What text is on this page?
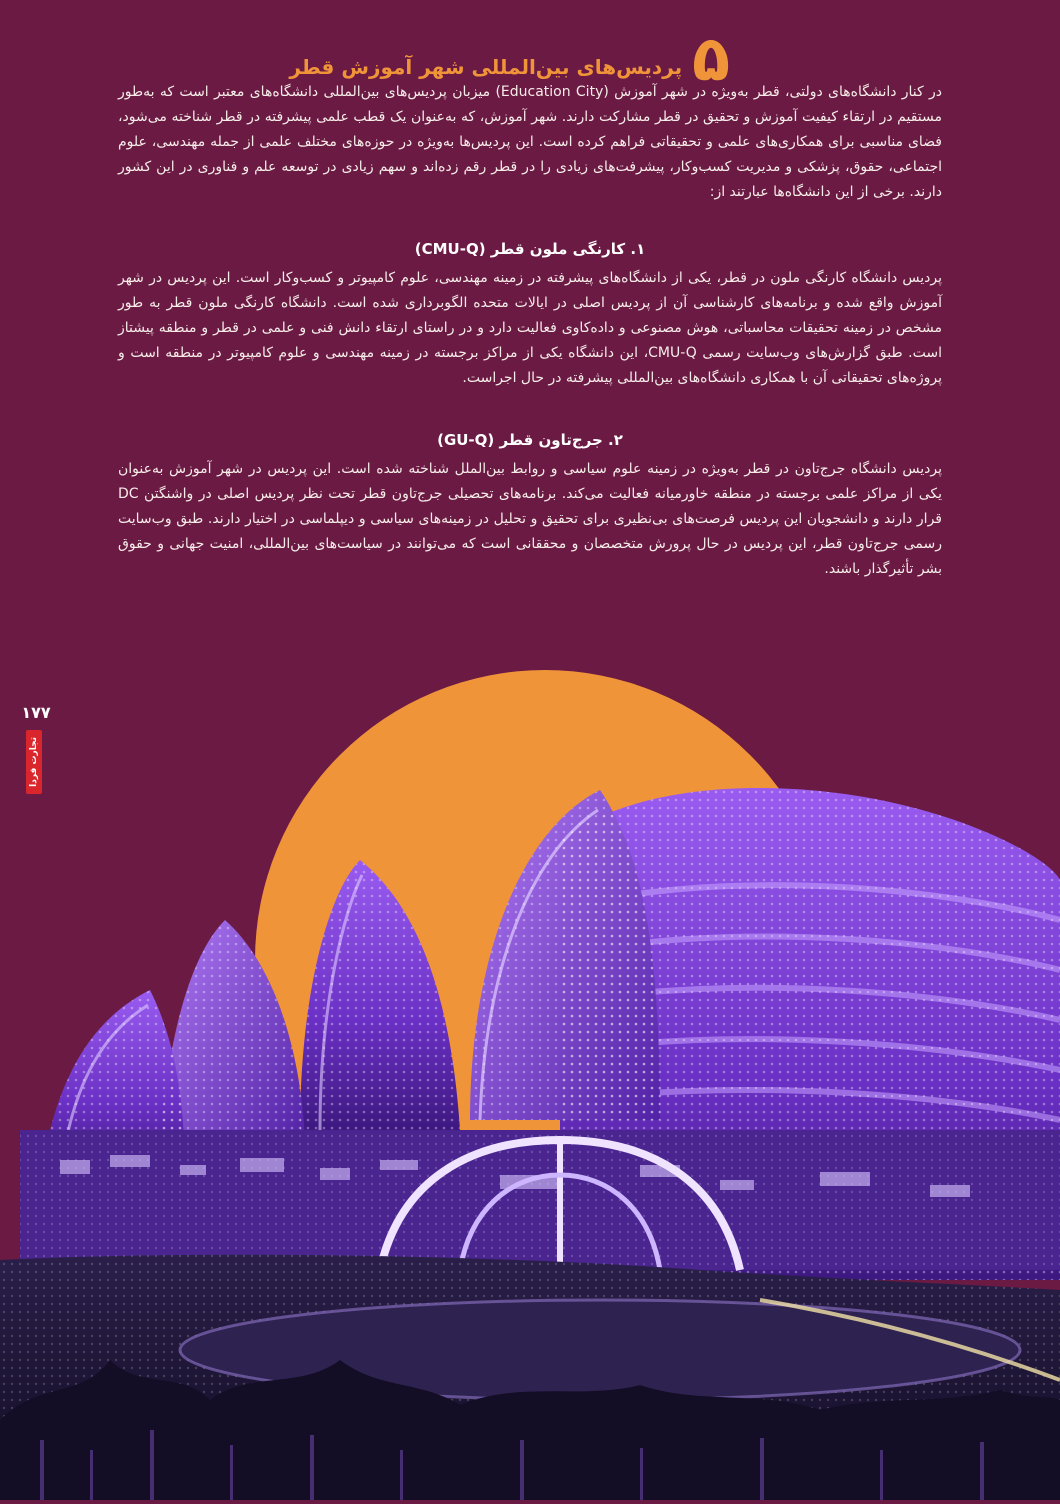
۵
پردیس‌های بین‌المللی شهر آموزش قطر

در کنار دانشگاه‌های دولتی، قطر به‌ویژه در شهر آموزش (Education City) میزبان پردیس‌های بین‌المللی دانشگاه‌های معتبر است که به‌طور مستقیم در ارتقاء کیفیت آموزش و تحقیق در قطر مشارکت دارند. شهر آموزش، که به‌عنوان یک قطب علمی پیشرفته در قطر شناخته می‌شود، فضای مناسبی برای همکاری‌های علمی و تحقیقاتی فراهم کرده است. این پردیس‌ها به‌ویژه در حوزه‌های مختلف علمی از جمله مهندسی، علوم اجتماعی، حقوق، پزشکی و مدیریت کسب‌وکار، پیشرفت‌های زیادی را در قطر رقم زده‌اند و سهم زیادی در توسعه علم و فناوری در این کشور دارند. برخی از این دانشگاه‌ها عبارتند از:

۱. کارنگی ملون قطر (CMU-Q)

پردیس دانشگاه کارنگی ملون در قطر، یکی از دانشگاه‌های پیشرفته در زمینه مهندسی، علوم کامپیوتر و کسب‌وکار است. این پردیس در شهر آموزش واقع شده و برنامه‌های کارشناسی آن از پردیس اصلی در ایالات متحده الگوبرداری شده است. دانشگاه کارنگی ملون قطر به طور مشخص در زمینه تحقیقات محاسباتی، هوش مصنوعی و داده‌کاوی فعالیت دارد و در راستای ارتقاء دانش فنی و علمی در قطر و منطقه پیشتاز است. طبق گزارش‌های وب‌سایت رسمی CMU-Q، این دانشگاه یکی از مراکز برجسته در زمینه مهندسی و علوم کامپیوتر در منطقه است و پروژه‌های تحقیقاتی آن با همکاری دانشگاه‌های بین‌المللی پیشرفته در حال اجراست.

۲. جرج‌تاون قطر (GU-Q)

پردیس دانشگاه جرج‌تاون در قطر به‌ویژه در زمینه علوم سیاسی و روابط بین‌الملل شناخته شده است. این پردیس در شهر آموزش به‌عنوان یکی از مراکز علمی برجسته در منطقه خاورمیانه فعالیت می‌کند. برنامه‌های تحصیلی جرج‌تاون قطر تحت نظر پردیس اصلی در واشنگتن DC قرار دارند و دانشجویان این پردیس فرصت‌های بی‌نظیری برای تحقیق و تحلیل در زمینه‌های سیاسی و دیپلماسی در اختیار دارند. طبق وب‌سایت رسمی جرج‌تاون قطر، این پردیس در حال پرورش متخصصان و محققانی است که می‌توانند در سیاست‌های بین‌المللی، امنیت جهانی و حقوق بشر تأثیرگذار باشند.

۱۷۷
تجارت فردا
